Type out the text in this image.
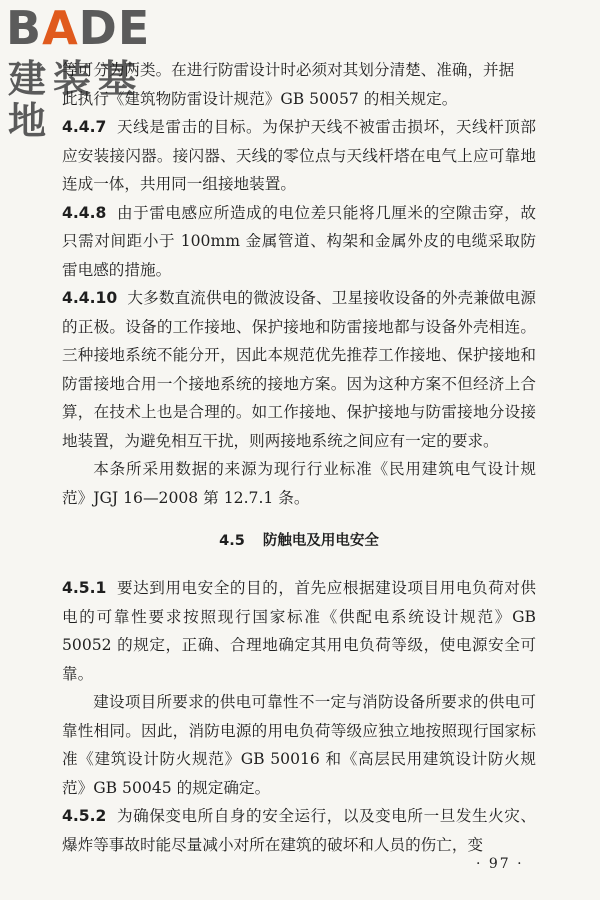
BADE
建装基地

等可分为两类。在进行防雷设计时必须对其划分清楚、准确，并据

此执行《建筑物防雷设计规范》GB 50057 的相关规定。

4.4.7 天线是雷击的目标。为保护天线不被雷击损坏，天线杆顶部应安装接闪器。接闪器、天线的零位点与天线杆塔在电气上应可靠地连成一体，共用同一组接地装置。

4.4.8 由于雷电感应所造成的电位差只能将几厘米的空隙击穿，故只需对间距小于 100mm 金属管道、构架和金属外皮的电缆采取防雷电感的措施。

4.4.10 大多数直流供电的微波设备、卫星接收设备的外壳兼做电源的正极。设备的工作接地、保护接地和防雷接地都与设备外壳相连。三种接地系统不能分开，因此本规范优先推荐工作接地、保护接地和防雷接地合用一个接地系统的接地方案。因为这种方案不但经济上合算，在技术上也是合理的。如工作接地、保护接地与防雷接地分设接地装置，为避免相互干扰，则两接地系统之间应有一定的要求。

本条所采用数据的来源为现行行业标准《民用建筑电气设计规范》JGJ 16—2008 第 12.7.1 条。

4.5 防触电及用电安全

4.5.1 要达到用电安全的目的，首先应根据建设项目用电负荷对供电的可靠性要求按照现行国家标准《供配电系统设计规范》GB 50052 的规定，正确、合理地确定其用电负荷等级，使电源安全可靠。

建设项目所要求的供电可靠性不一定与消防设备所要求的供电可靠性相同。因此，消防电源的用电负荷等级应独立地按照现行国家标准《建筑设计防火规范》GB 50016 和《高层民用建筑设计防火规范》GB 50045 的规定确定。

4.5.2 为确保变电所自身的安全运行，以及变电所一旦发生火灾、爆炸等事故时能尽量减小对所在建筑的破坏和人员的伤亡，变

· 97 ·
